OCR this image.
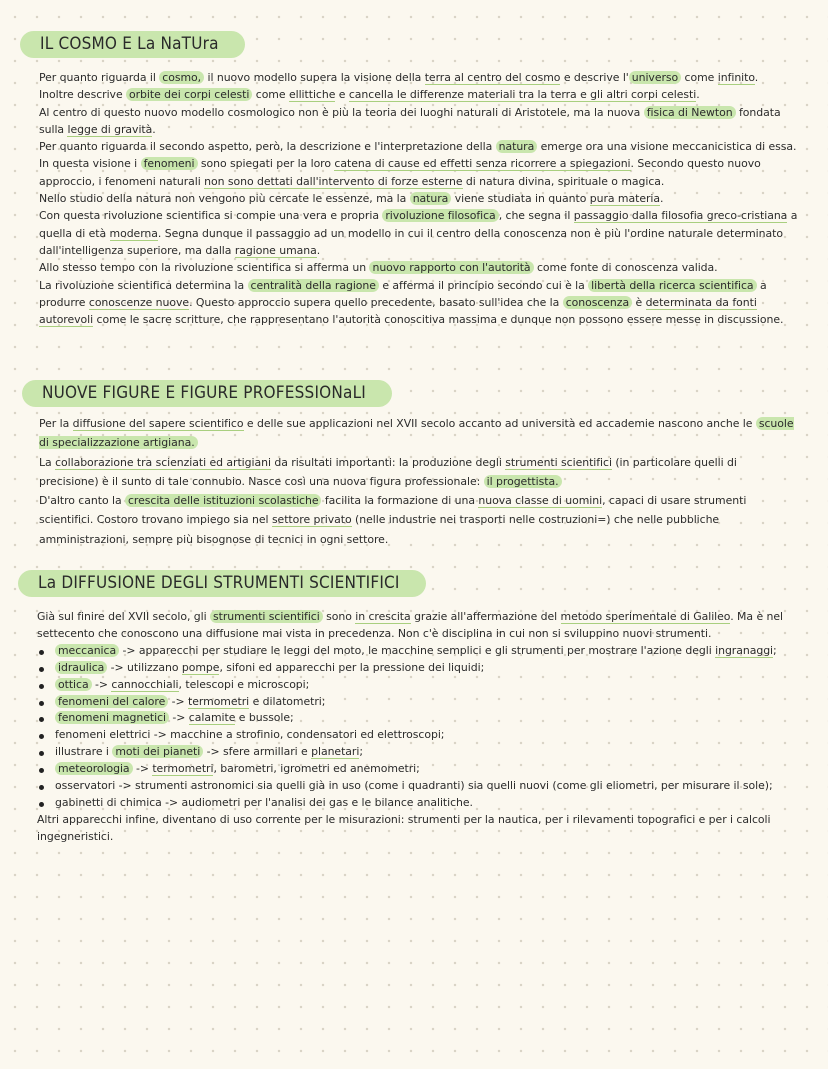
IL COSMO E La NaTUra

Per quanto riguarda il cosmo, il nuovo modello supera la visione della terra al centro del cosmo e descrive l' universo come infinito.

Inoltre descrive orbite dei corpi celesti come ellittiche e cancella le differenze materiali tra la terra e gli altri corpi celesti.

Al centro di questo nuovo modello cosmologico non è più la teoria dei luoghi naturali di Aristotele, ma la nuova fisica di Newton fondata sulla legge di gravità.

Per quanto riguarda il secondo aspetto, però, la descrizione e l'interpretazione della natura emerge ora una visione meccanicistica di essa. In questa visione i fenomeni sono spiegati per la loro catena di cause ed effetti senza ricorrere a spiegazioni. Secondo questo nuovo approccio, i fenomeni naturali non sono dettati dall'intervento di forze esterne di natura divina, spirituale o magica.

Nello studio della natura non vengono più cercate le essenze, ma la natura viene studiata in quanto pura materia.

Con questa rivoluzione scientifica si compie una vera e propria rivoluzione filosofica , che segna il passaggio dalla filosofia greco-cristiana a quella di età moderna. Segna dunque il passaggio ad un modello in cui il centro della conoscenza non è più l'ordine naturale determinato dall'intelligenza superiore, ma dalla ragione umana.

Allo stesso tempo con la rivoluzione scientifica si afferma un nuovo rapporto con l'autorità come fonte di conoscenza valida.

La rivoluzione scientifica determina la centralità della ragione e afferma il principio secondo cui è la libertà della ricerca scientifica a produrre conoscenze nuove. Questo approccio supera quello precedente, basato sull'idea che la conoscenza è determinata da fonti autorevoli come le sacre scritture, che rappresentano l'autorità conoscitiva massima e dunque non possono essere messe in discussione.

NUOVE FIGURE E FIGURE PROFESSIONaLI

Per la diffusione del sapere scientifico e delle sue applicazioni nel XVII secolo accanto ad università ed accademie nascono anche le scuole di specializzazione artigiana.

La collaborazione tra scienziati ed artigiani da risultati importanti: la produzione degli strumenti scientifici (in particolare quelli di precisione) è il sunto di tale connubio. Nasce così una nuova figura professionale: il progettista.

D'altro canto la crescita delle istituzioni scolastiche facilita la formazione di una nuova classe di uomini, capaci di usare strumenti scientifici. Costoro trovano impiego sia nel settore privato (nelle industrie nei trasporti nelle costruzioni=) che nelle pubbliche amministrazioni, sempre più bisognose di tecnici in ogni settore.

La DIFFUSIONE DEGLI STRUMENTI SCIENTIFICI

Già sul finire del XVII secolo, gli strumenti scientifici sono in crescita grazie all'affermazione del metodo sperimentale di Galileo. Ma è nel settecento che conoscono una diffusione mai vista in precedenza. Non c'è disciplina in cui non si sviluppino nuovi strumenti.

meccanica -> apparecchi per studiare le leggi del moto, le macchine semplici e gli strumenti per mostrare l'azione degli ingranaggi;
idraulica -> utilizzano pompe, sifoni ed apparecchi per la pressione dei liquidi;
ottica -> cannocchiali, telescopi e microscopi;
fenomeni del calore -> termometri e dilatometri;
fenomeni magnetici -> calamite e bussole;
fenomeni elettrici -> macchine a strofinio, condensatori ed elettroscopi;
illustrare i moti dei pianeti -> sfere armillari e planetari;
meteorologia -> termometri, barometri, igrometri ed anemometri;
osservatori -> strumenti astronomici sia quelli già in uso (come i quadranti) sia quelli nuovi (come gli eliometri, per misurare il sole);
gabinetti di chimica -> audiometri per l'analisi dei gas e le bilance analitiche.

Altri apparecchi infine, diventano di uso corrente per le misurazioni: strumenti per la nautica, per i rilevamenti topografici e per i calcoli ingegneristici.
